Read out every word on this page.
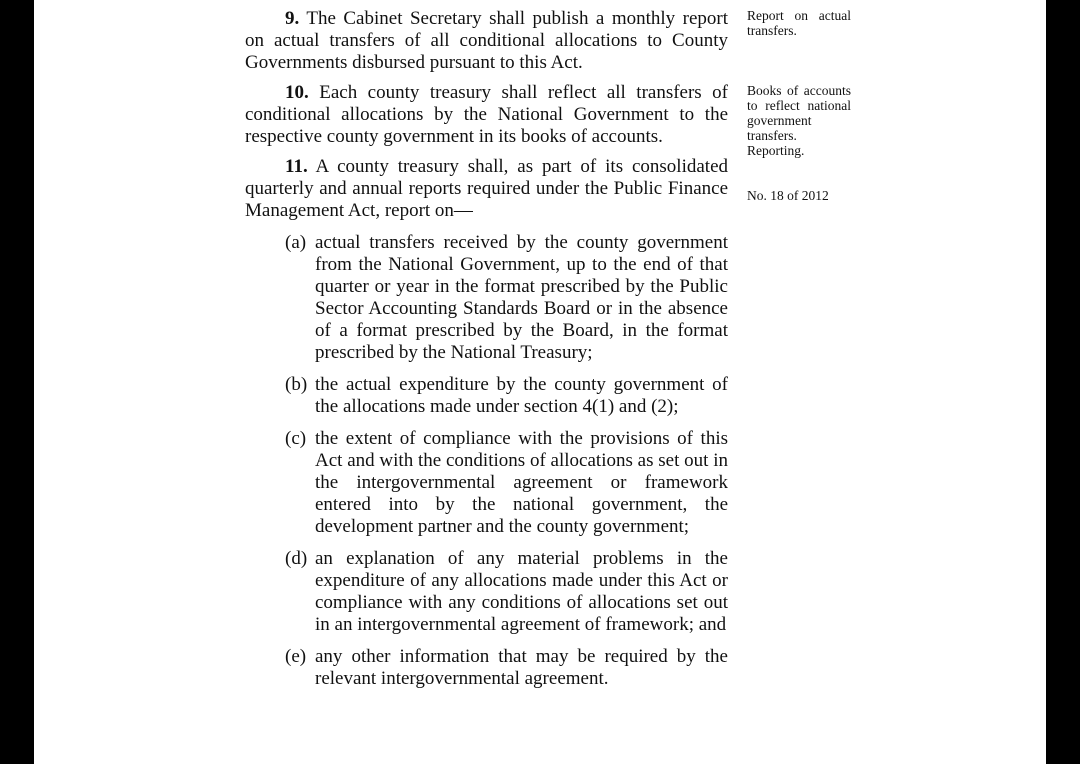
9. The Cabinet Secretary shall publish a monthly report on actual transfers of all conditional allocations to County Governments disbursed pursuant to this Act.

10. Each county treasury shall reflect all transfers of conditional allocations by the National Government to the respective county government in its books of accounts.

11. A county treasury shall, as part of its consolidated quarterly and annual reports required under the Public Finance Management Act, report on—

(a) actual transfers received by the county government from the National Government, up to the end of that quarter or year in the format prescribed by the Public Sector Accounting Standards Board or in the absence of a format prescribed by the Board, in the format prescribed by the National Treasury;
(b) the actual expenditure by the county government of the allocations made under section 4(1) and (2);
(c) the extent of compliance with the provisions of this Act and with the conditions of allocations as set out in the intergovernmental agreement or framework entered into by the national government, the development partner and the county government;
(d) an explanation of any material problems in the expenditure of any allocations made under this Act or compliance with any conditions of allocations set out in an intergovernmental agreement of framework; and
(e) any other information that may be required by the relevant intergovernmental agreement.
Report on actual transfers.
Books of accounts to reflect national government transfers.
Reporting.
No. 18 of 2012
